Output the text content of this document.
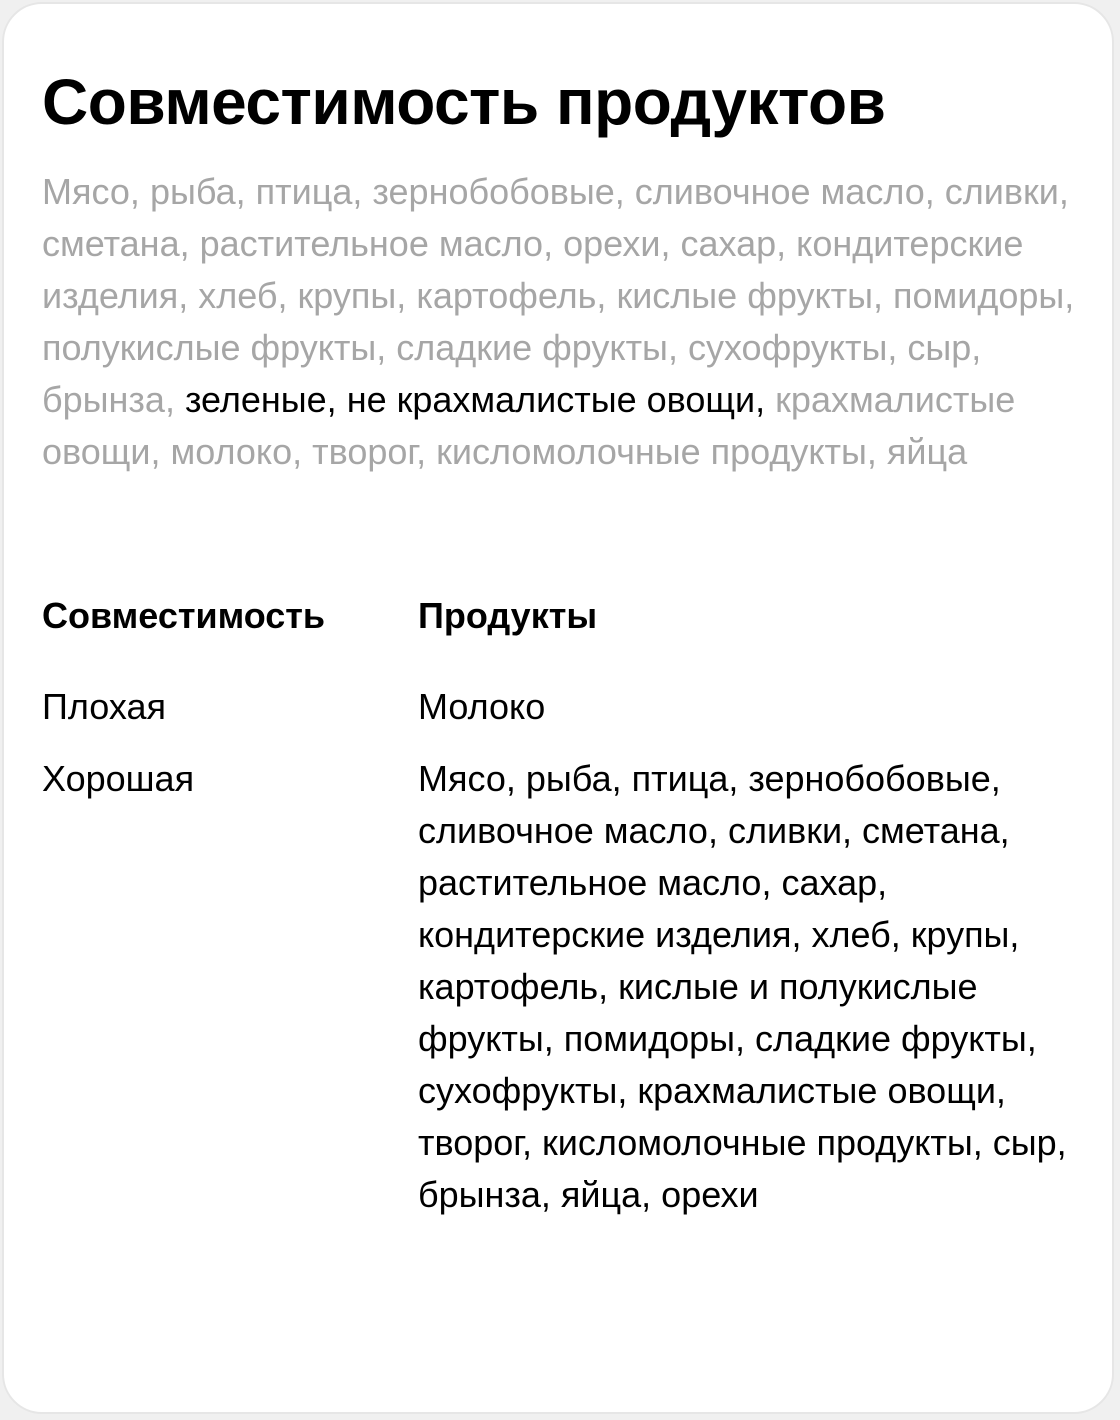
Совместимость продуктов

Мясо, рыба, птица, зернобобовые, сливочное масло, сливки, сметана, растительное масло, орехи, сахар, кондитерские изделия, хлеб, крупы, картофель, кислые фрукты, помидоры, полукислые фрукты, сладкие фрукты, сухофрукты, сыр, брынза, зеленые, не крахмалистые овощи, крахмалистые овощи, молоко, творог, кисломолочные продукты, яйца

Совместимость	Продукты
Плохая	Молоко
Хорошая	Мясо, рыба, птица, зернобобовые, сливочное масло, сливки, сметана, растительное масло, сахар, кондитерские изделия, хлеб, крупы, картофель, кислые и полукислые фрукты, помидоры, сладкие фрукты, сухофрукты, крахмалистые овощи, творог, кисломолочные продукты, сыр, брынза, яйца, орехи
